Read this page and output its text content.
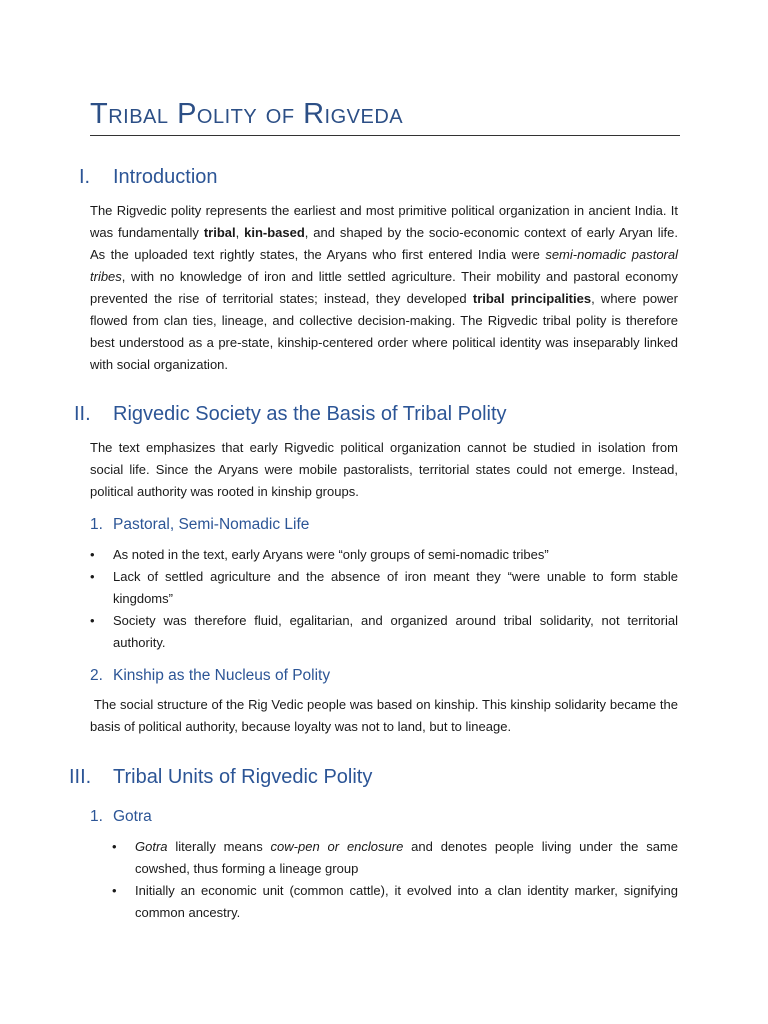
Tribal Polity of Rigveda
I.	Introduction

The Rigvedic polity represents the earliest and most primitive political organization in ancient India. It was fundamentally tribal, kin-based, and shaped by the socio-economic context of early Aryan life. As the uploaded text rightly states, the Aryans who first entered India were semi-nomadic pastoral tribes, with no knowledge of iron and little settled agriculture. Their mobility and pastoral economy prevented the rise of territorial states; instead, they developed tribal principalities, where power flowed from clan ties, lineage, and collective decision-making. The Rigvedic tribal polity is therefore best understood as a pre-state, kinship-centered order where political identity was inseparably linked with social organization.

II.	Rigvedic Society as the Basis of Tribal Polity

The text emphasizes that early Rigvedic political organization cannot be studied in isolation from social life. Since the Aryans were mobile pastoralists, territorial states could not emerge. Instead, political authority was rooted in kinship groups.

1. Pastoral, Semi-Nomadic Life
• As noted in the text, early Aryans were “only groups of semi-nomadic tribes”
• Lack of settled agriculture and the absence of iron meant they “were unable to form stable kingdoms”
• Society was therefore fluid, egalitarian, and organized around tribal solidarity, not territorial authority.
2. Kinship as the Nucleus of Polity

The social structure of the Rig Vedic people was based on kinship. This kinship solidarity became the basis of political authority, because loyalty was not to land, but to lineage.

III.	Tribal Units of Rigvedic Polity
1. Gotra
• Gotra literally means cow-pen or enclosure and denotes people living under the same cowshed, thus forming a lineage group
• Initially an economic unit (common cattle), it evolved into a clan identity marker, signifying common ancestry.
